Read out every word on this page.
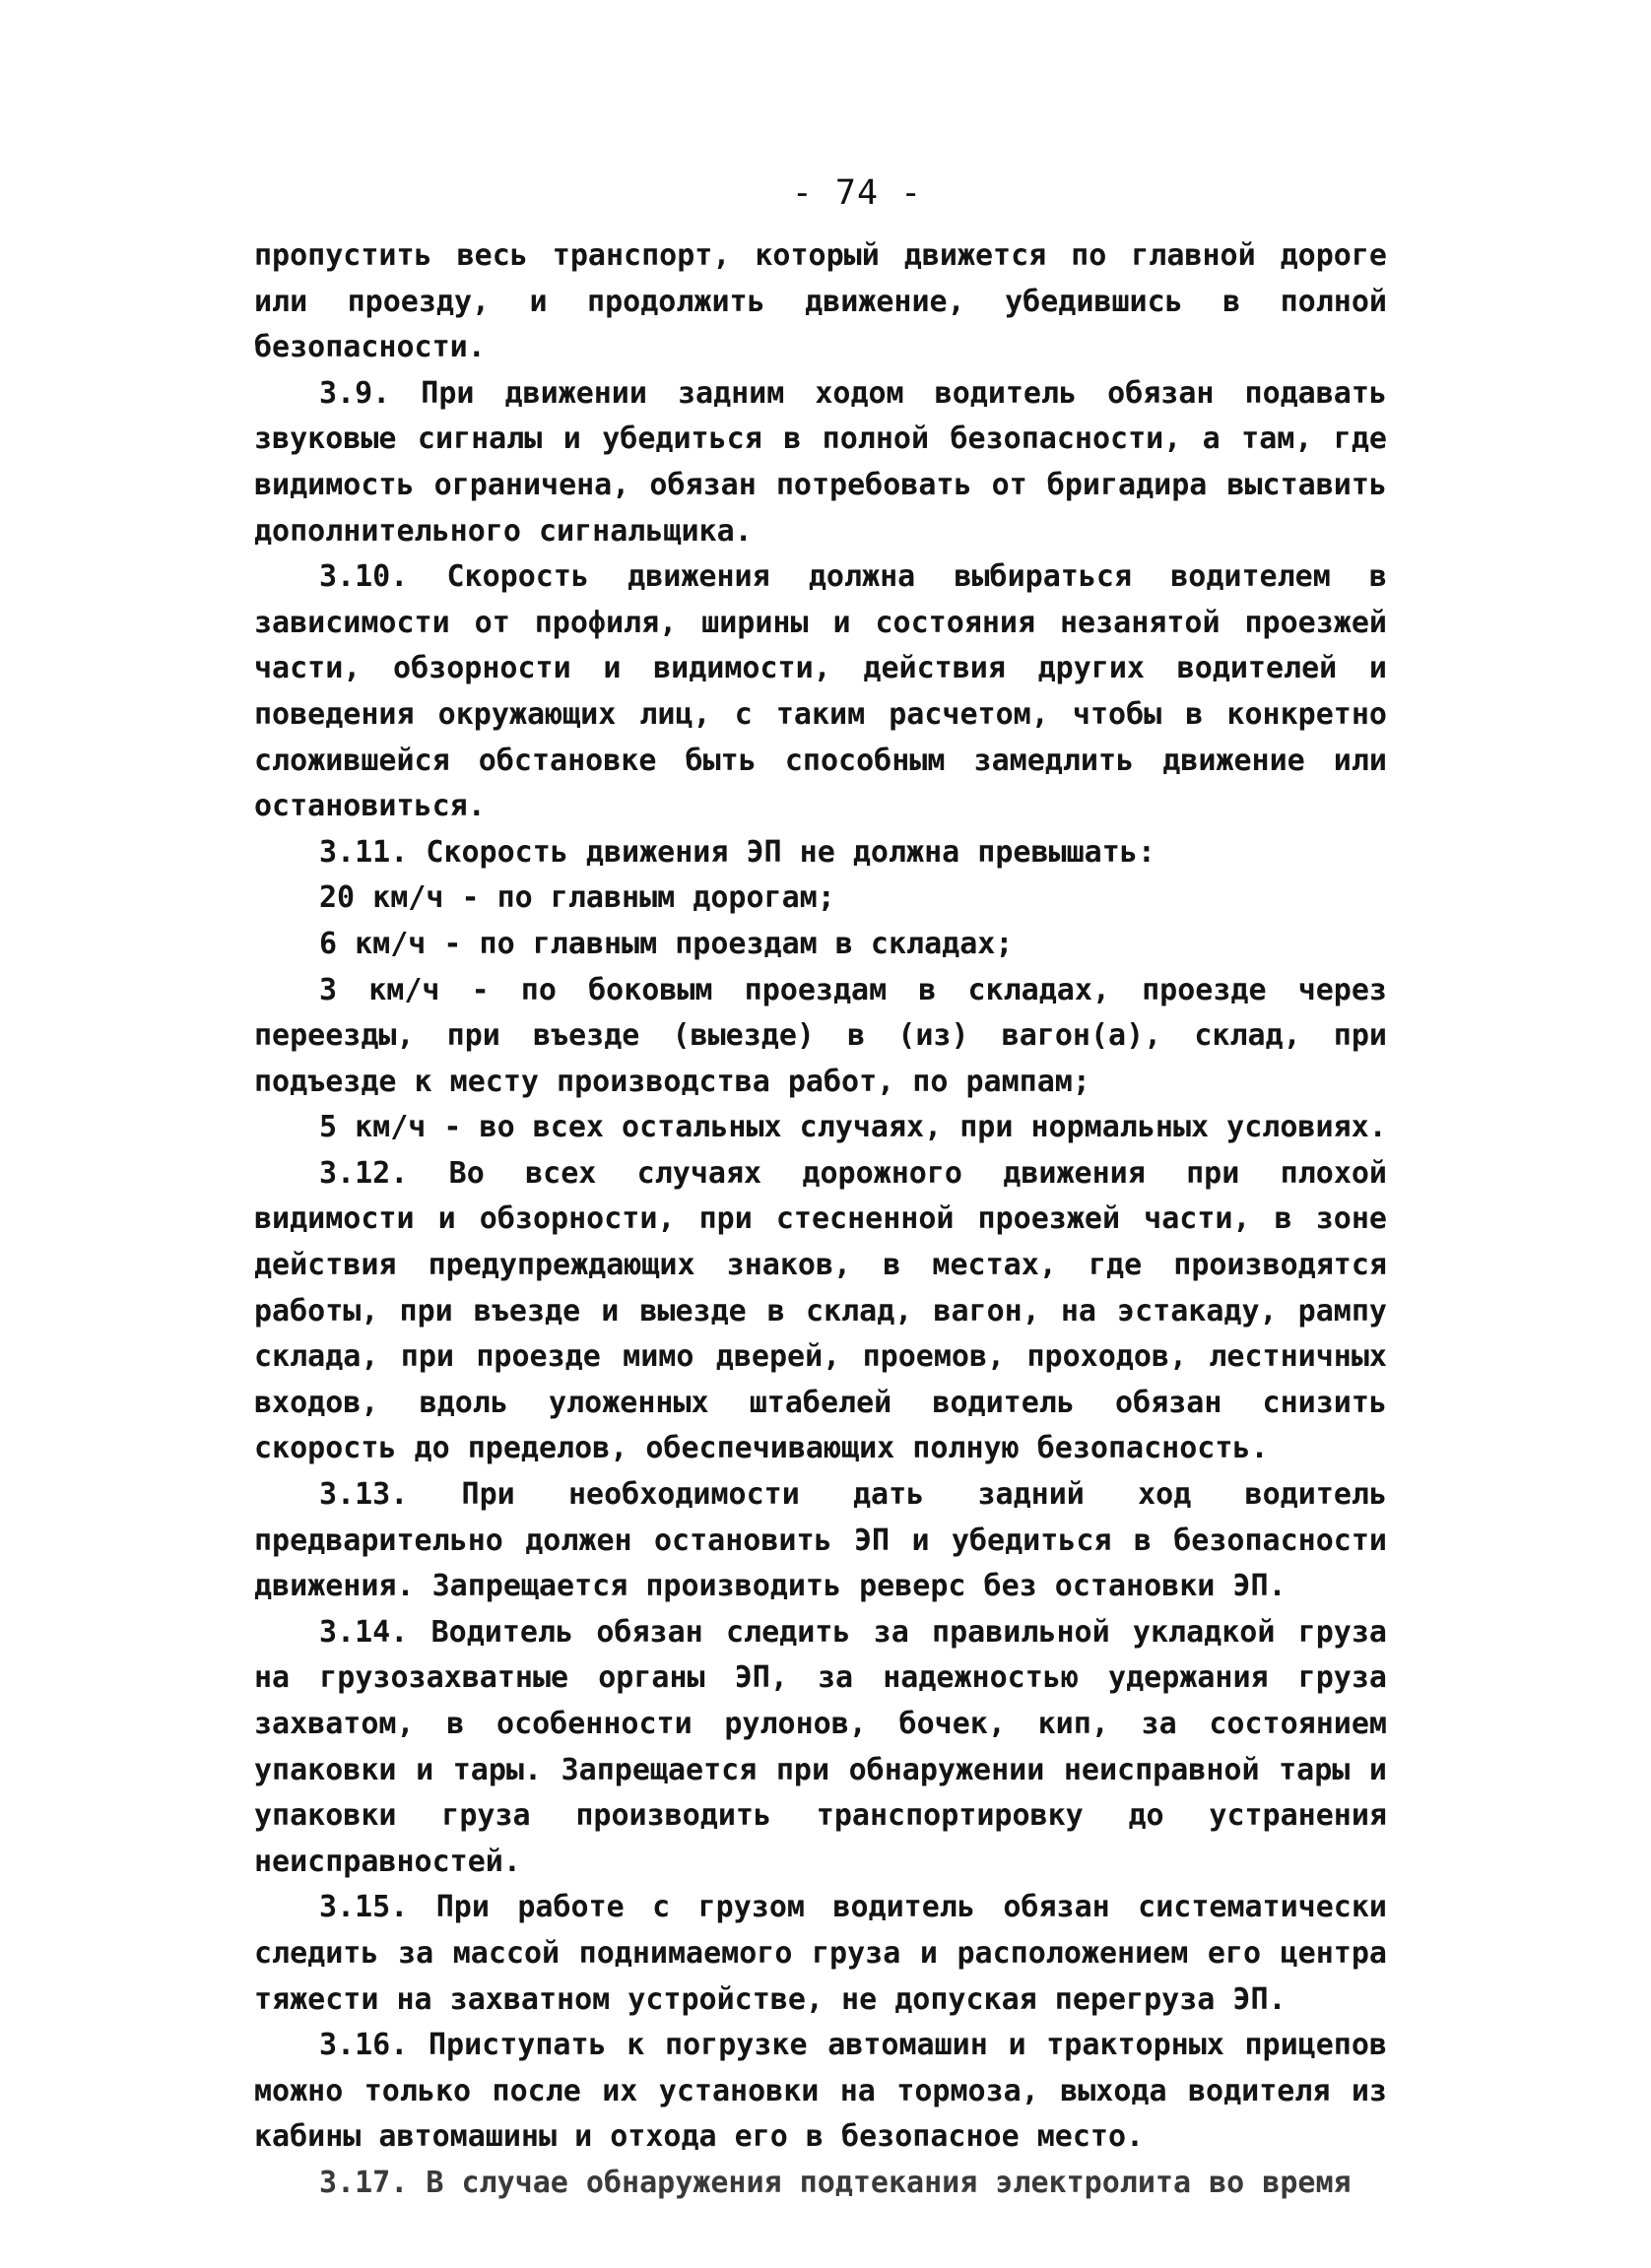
- 74 -

пропустить весь транспорт, который движется по главной дороге или проезду, и продолжить движение, убедившись в полной безопасности.

3.9. При движении задним ходом водитель обязан подавать звуковые сигналы и убедиться в полной безопасности, а там, где видимость ограничена, обязан потребовать от бригадира выставить дополнительного сигнальщика.

3.10. Скорость движения должна выбираться водителем в зависимости от профиля, ширины и состояния незанятой проезжей части, обзорности и видимости, действия других водителей и поведения окружающих лиц, с таким расчетом, чтобы в конкретно сложившейся обстановке быть способным замедлить движение или остановиться.

3.11. Скорость движения ЭП не должна превышать:

20 км/ч - по главным дорогам;

6 км/ч - по главным проездам в складах;

3 км/ч - по боковым проездам в складах, проезде через переезды, при въезде (выезде) в (из) вагон(а), склад, при подъезде к месту производства работ, по рампам;

5 км/ч - во всех остальных случаях, при нормальных условиях.

3.12. Во всех случаях дорожного движения при плохой видимости и обзорности, при стесненной проезжей части, в зоне действия предупреждающих знаков, в местах, где производятся работы, при въезде и выезде в склад, вагон, на эстакаду, рампу склада, при проезде мимо дверей, проемов, проходов, лестничных входов, вдоль уложенных штабелей водитель обязан снизить скорость до пределов, обеспечивающих полную безопасность.

3.13. При необходимости дать задний ход водитель предварительно должен остановить ЭП и убедиться в безопасности движения. Запрещается производить реверс без остановки ЭП.

3.14. Водитель обязан следить за правильной укладкой груза на грузозахватные органы ЭП, за надежностью удержания груза захватом, в особенности рулонов, бочек, кип, за состоянием упаковки и тары. Запрещается при обнаружении неисправной тары и упаковки груза производить транспортировку до устранения неисправностей.

3.15. При работе с грузом водитель обязан систематически следить за массой поднимаемого груза и расположением его центра тяжести на захватном устройстве, не допуская перегруза ЭП.

3.16. Приступать к погрузке автомашин и тракторных прицепов можно только после их установки на тормоза, выхода водителя из кабины автомашины и отхода его в безопасное место.

3.17. В случае обнаружения подтекания электролита во время
